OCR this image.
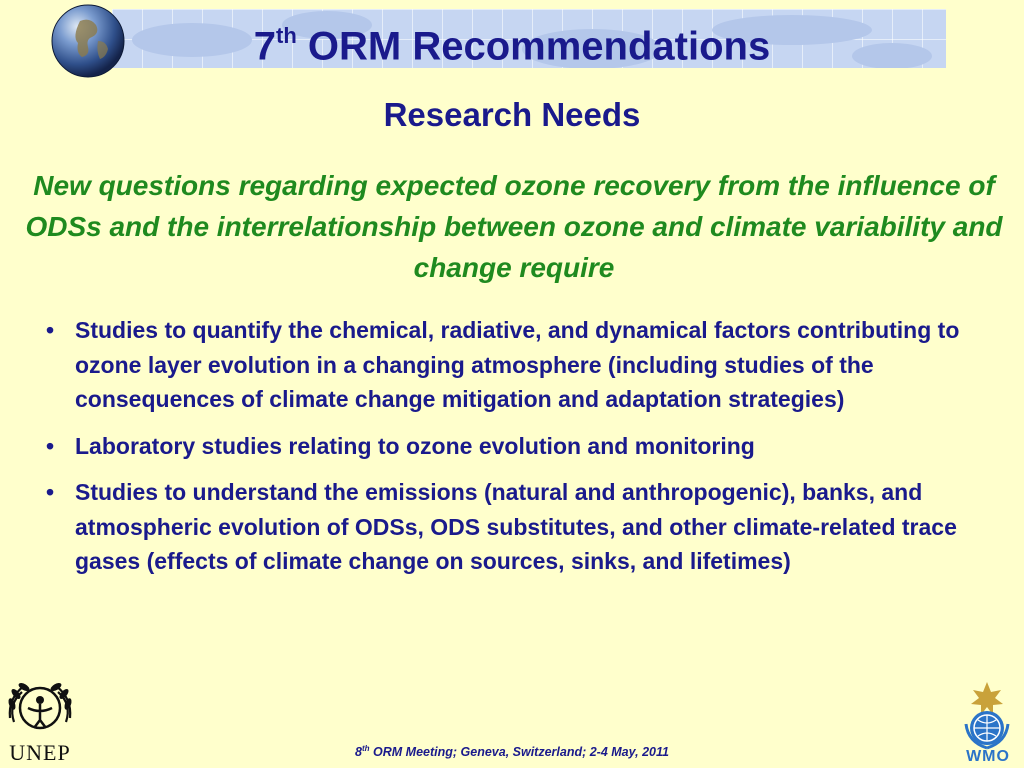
7th ORM Recommendations
Research Needs
New questions regarding expected ozone recovery from the influence of ODSs and the interrelationship between ozone and climate variability and change require
• Studies to quantify the chemical, radiative, and dynamical factors contributing to ozone layer evolution in a changing atmosphere (including studies of the consequences of climate change mitigation and adaptation strategies)
• Laboratory studies relating to ozone evolution and monitoring
• Studies to understand the emissions (natural and anthropogenic), banks, and atmospheric evolution of ODSs, ODS substitutes, and other climate-related trace gases (effects of climate change on sources, sinks, and lifetimes)
UNEP	WMO
8th ORM Meeting; Geneva, Switzerland; 2-4 May, 2011
